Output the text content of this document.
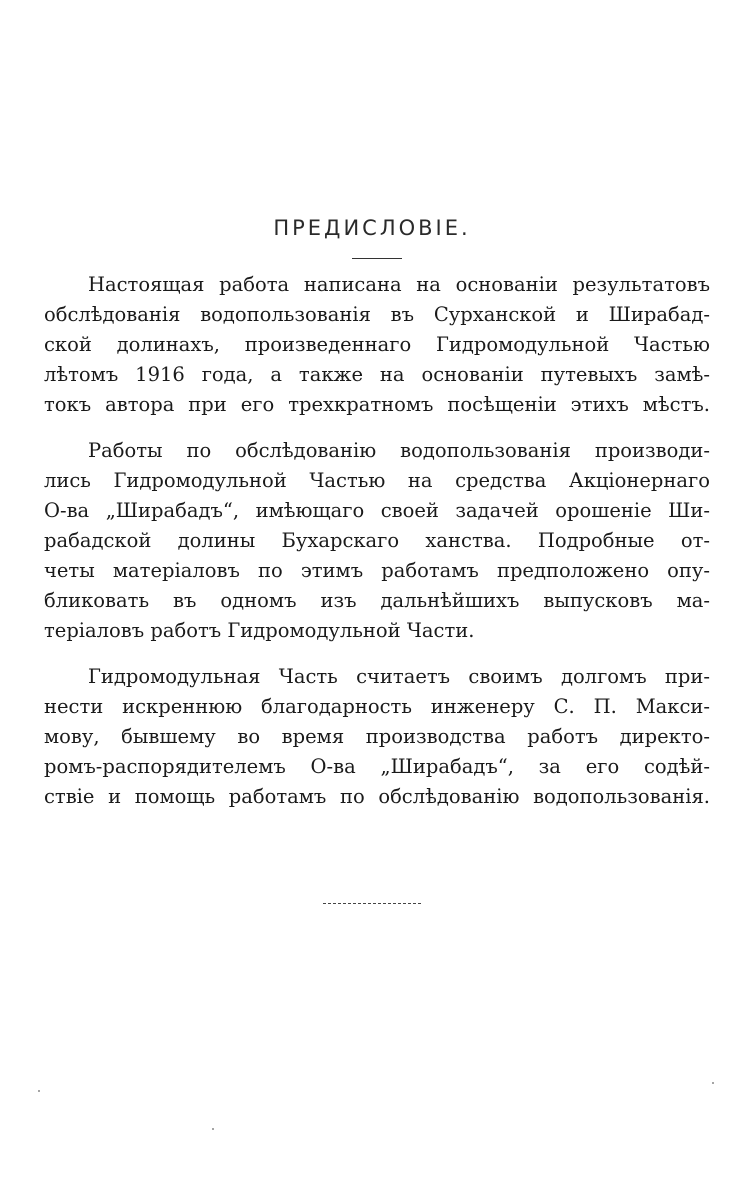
ПРЕДИСЛОВІЕ.
Настоящая работа написана на основаніи результатовъ
обслѣдованія водопользованія въ Сурханской и Ширабад-
ской долинахъ, произведеннаго Гидромодульной Частью
лѣтомъ 1916 года, а также на основаніи путевыхъ замѣ-
токъ автора при его трехкратномъ посѣщеніи этихъ мѣстъ.
Работы по обслѣдованію водопользованія производи-
лись Гидромодульной Частью на средства Акціонернаго
О-ва „Ширабадъ“, имѣющаго своей задачей орошеніе Ши-
рабадской долины Бухарскаго ханства. Подробные от-
четы матеріаловъ по этимъ работамъ предположено опу-
бликовать въ одномъ изъ дальнѣйшихъ выпусковъ ма-
теріаловъ работъ Гидромодульной Части.
Гидромодульная Часть считаетъ своимъ долгомъ при-
нести искреннюю благодарность инженеру С. П. Макси-
мову, бывшему во время производства работъ директо-
ромъ-распорядителемъ О-ва „Ширабадъ“, за его содѣй-
ствіе и помощь работамъ по обслѣдованію водопользованія.
